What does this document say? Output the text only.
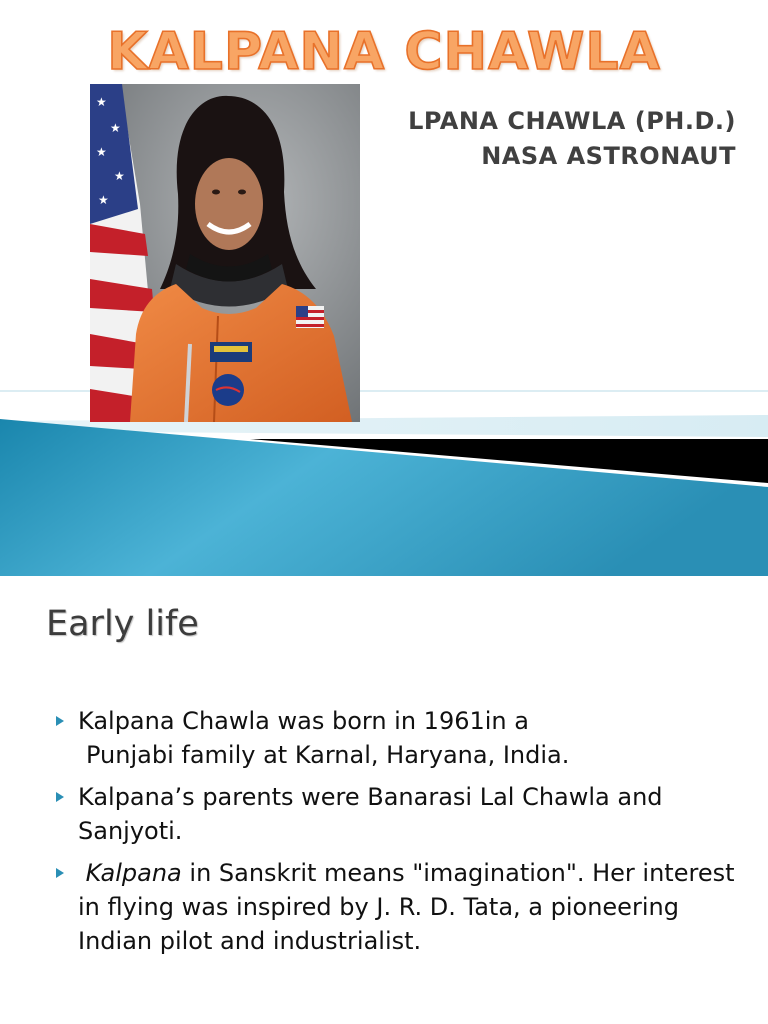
KALPANA CHAWLA
LPANA CHAWLA (PH.D.)
NASA ASTRONAUT
★
★
★
★
★
Early life
Kalpana Chawla was born in 1961in a
Punjabi family at Karnal, Haryana, India.
Kalpana’s parents were Banarasi Lal Chawla and Sanjyoti.
Kalpana in Sanskrit means "imagination". Her interest in flying was inspired by J. R. D. Tata, a pioneering Indian pilot and industrialist.
